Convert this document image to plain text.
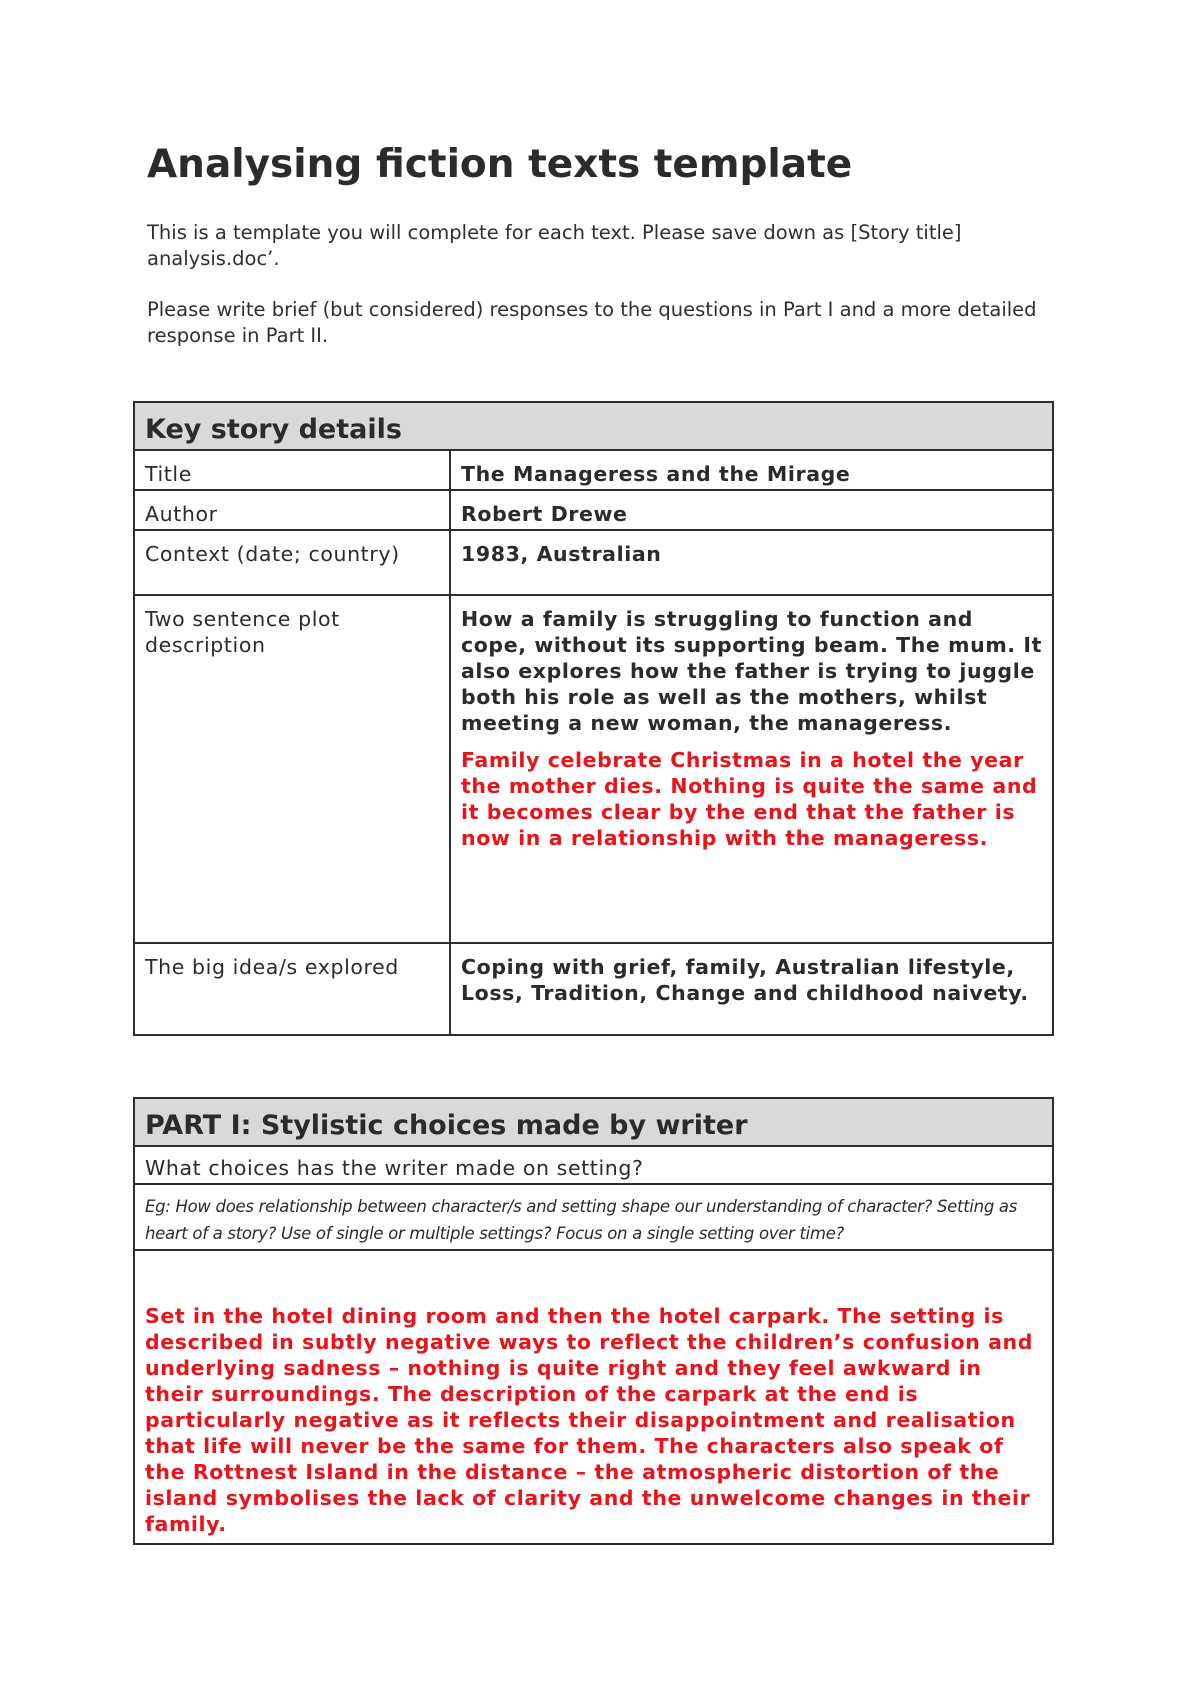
Analysing fiction texts template

This is a template you will complete for each text. Please save down as [Story title] analysis.doc’.

Please write brief (but considered) responses to the questions in Part I and a more detailed response in Part II.

Key story details	
Title	The Manageress and the Mirage
Author	Robert Drewe
Context (date; country)	1983, Australian
Two sentence plot description	How a family is struggling to function and cope, without its supporting beam. The mum. It also explores how the father is trying to juggle both his role as well as the mothers, whilst meeting a new woman, the manageress.

Family celebrate Christmas in a hotel the year the mother dies. Nothing is quite the same and it becomes clear by the end that the father is now in a relationship with the manageress.

The big idea/s explored	Coping with grief, family, Australian lifestyle, Loss, Tradition, Change and childhood naivety.
PART I: Stylistic choices made by writer
What choices has the writer made on setting?
Eg: How does relationship between character/s and setting shape our understanding of character? Setting as heart of a story? Use of single or multiple settings? Focus on a single setting over time?
Set in the hotel dining room and then the hotel carpark. The setting is described in subtly negative ways to reflect the children’s confusion and underlying sadness – nothing is quite right and they feel awkward in their surroundings. The description of the carpark at the end is particularly negative as it reflects their disappointment and realisation that life will never be the same for them. The characters also speak of the Rottnest Island in the distance – the atmospheric distortion of the island symbolises the lack of clarity and the unwelcome changes in their family.
